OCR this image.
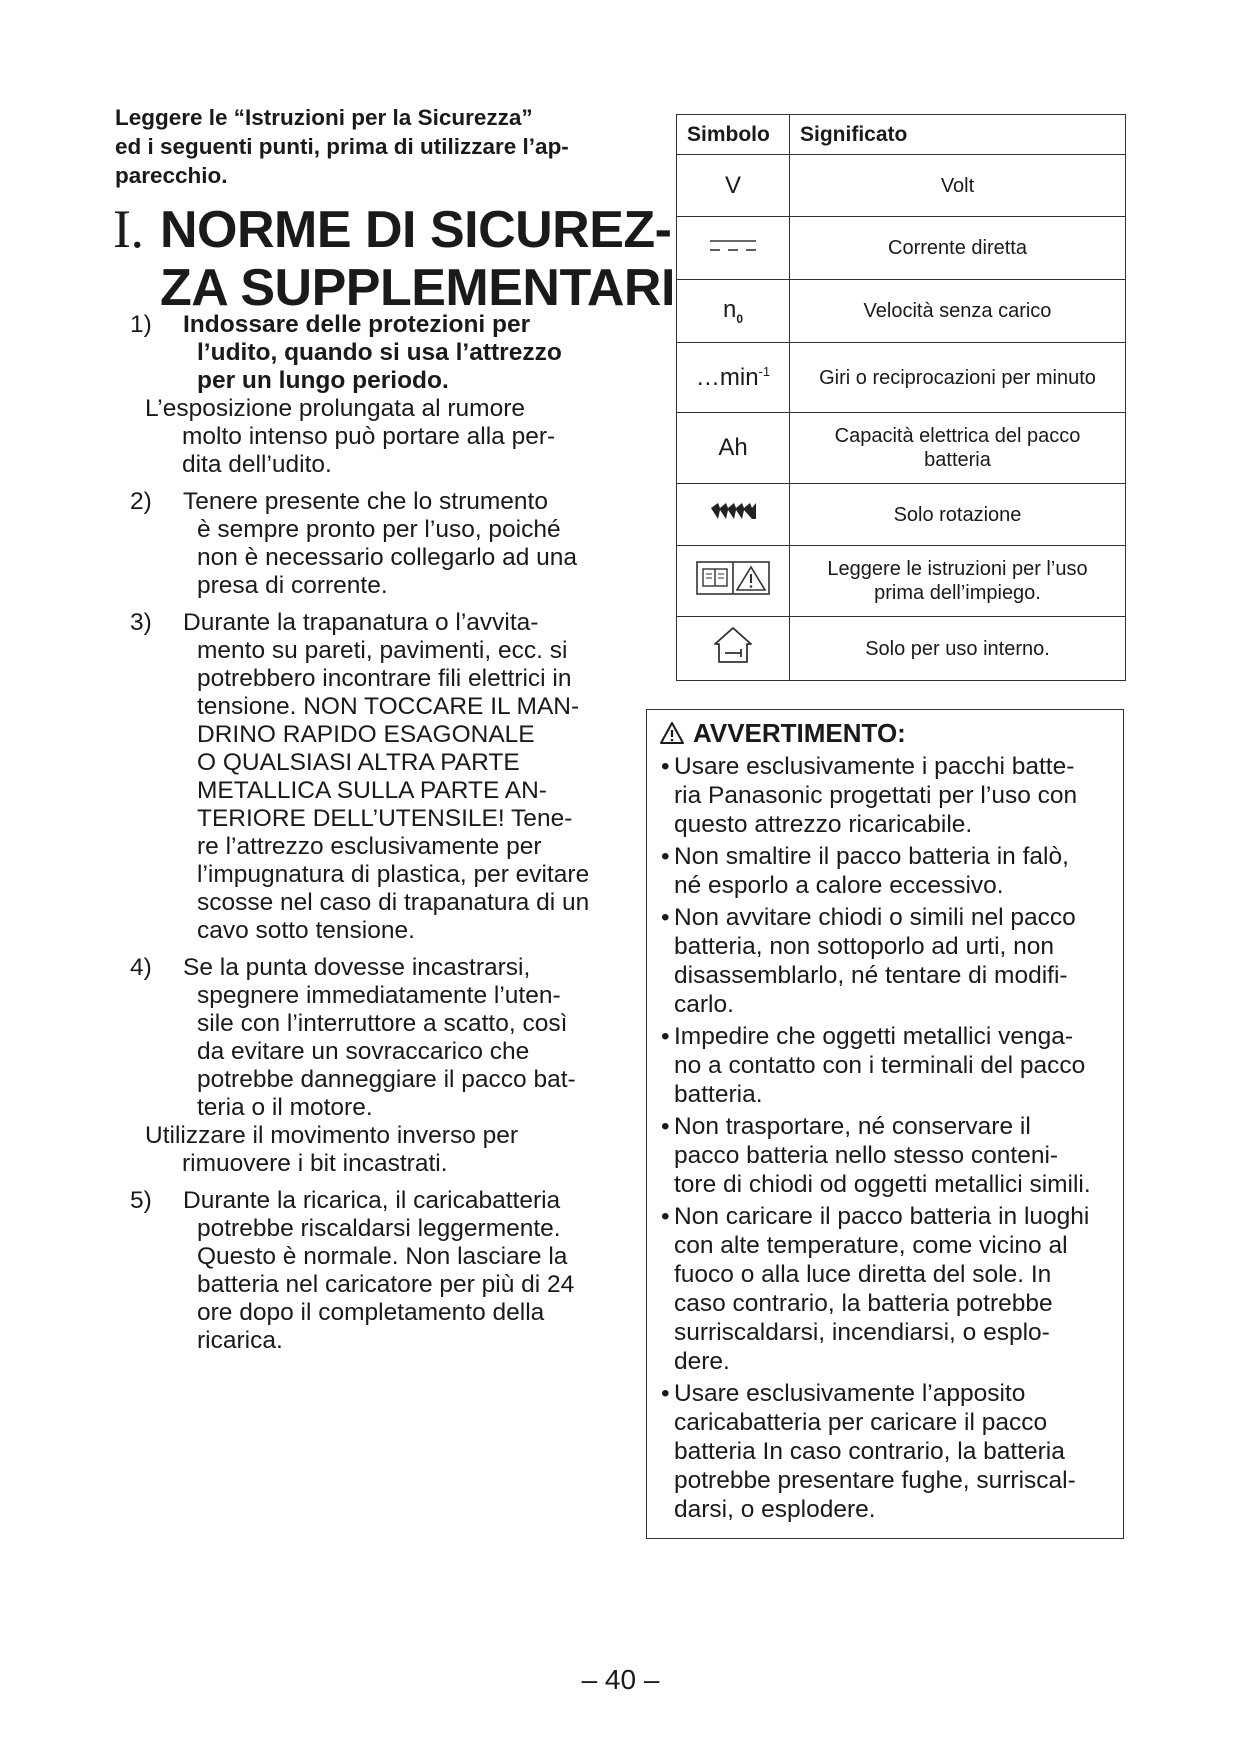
Leggere le “Istruzioni per la Sicurezza”
ed i seguenti punti, prima di utilizzare l’ap-
parecchio.
I. NORME DI SICUREZ-
ZA SUPPLEMENTARI
1) Indossare delle protezioni per
l’udito, quando si usa l’attrezzo
per un lungo periodo.
L’esposizione prolungata al rumore
molto intenso può portare alla per-
dita dell’udito.
2) Tenere presente che lo strumento
è sempre pronto per l’uso, poiché
non è necessario collegarlo ad una
presa di corrente.
3) Durante la trapanatura o l’avvita-
mento su pareti, pavimenti, ecc. si
potrebbero incontrare fili elettrici in
tensione. NON TOCCARE IL MAN-
DRINO RAPIDO ESAGONALE
O QUALSIASI ALTRA PARTE
METALLICA SULLA PARTE AN-
TERIORE DELL’UTENSILE! Tene-
re l’attrezzo esclusivamente per
l’impugnatura di plastica, per evitare
scosse nel caso di trapanatura di un
cavo sotto tensione.
4) Se la punta dovesse incastrarsi,
spegnere immediatamente l’uten-
sile con l’interruttore a scatto, così
da evitare un sovraccarico che
potrebbe danneggiare il pacco bat-
teria o il motore.
Utilizzare il movimento inverso per
rimuovere i bit incastrati.
5) Durante la ricarica, il caricabatteria
potrebbe riscaldarsi leggermente.
Questo è normale. Non lasciare la
batteria nel caricatore per più di 24
ore dopo il completamento della
ricarica.
Simbolo	Significato
V	Volt
	Corrente diretta
$n_0$	Velocità senza carico
$\dots\min^{-1}$	Giri o reciprocazioni per minuto
Ah	Capacità elettrica del pacco batteria
	Solo rotazione
	Leggere le istruzioni per l’uso prima dell’impiego.
	Solo per uso interno.
AVVERTIMENTO:
• Usare esclusivamente i pacchi batte-
ria Panasonic progettati per l’uso con
questo attrezzo ricaricabile.
• Non smaltire il pacco batteria in falò,
né esporlo a calore eccessivo.
• Non avvitare chiodi o simili nel pacco
batteria, non sottoporlo ad urti, non
disassemblarlo, né tentare di modifi-
carlo.
• Impedire che oggetti metallici venga-
no a contatto con i terminali del pacco
batteria.
• Non trasportare, né conservare il
pacco batteria nello stesso conteni-
tore di chiodi od oggetti metallici simili.
• Non caricare il pacco batteria in luoghi
con alte temperature, come vicino al
fuoco o alla luce diretta del sole. In
caso contrario, la batteria potrebbe
surriscaldarsi, incendiarsi, o esplo-
dere.
• Usare esclusivamente l’apposito
caricabatteria per caricare il pacco
batteria In caso contrario, la batteria
potrebbe presentare fughe, surriscal-
darsi, o esplodere.
– 40 –
